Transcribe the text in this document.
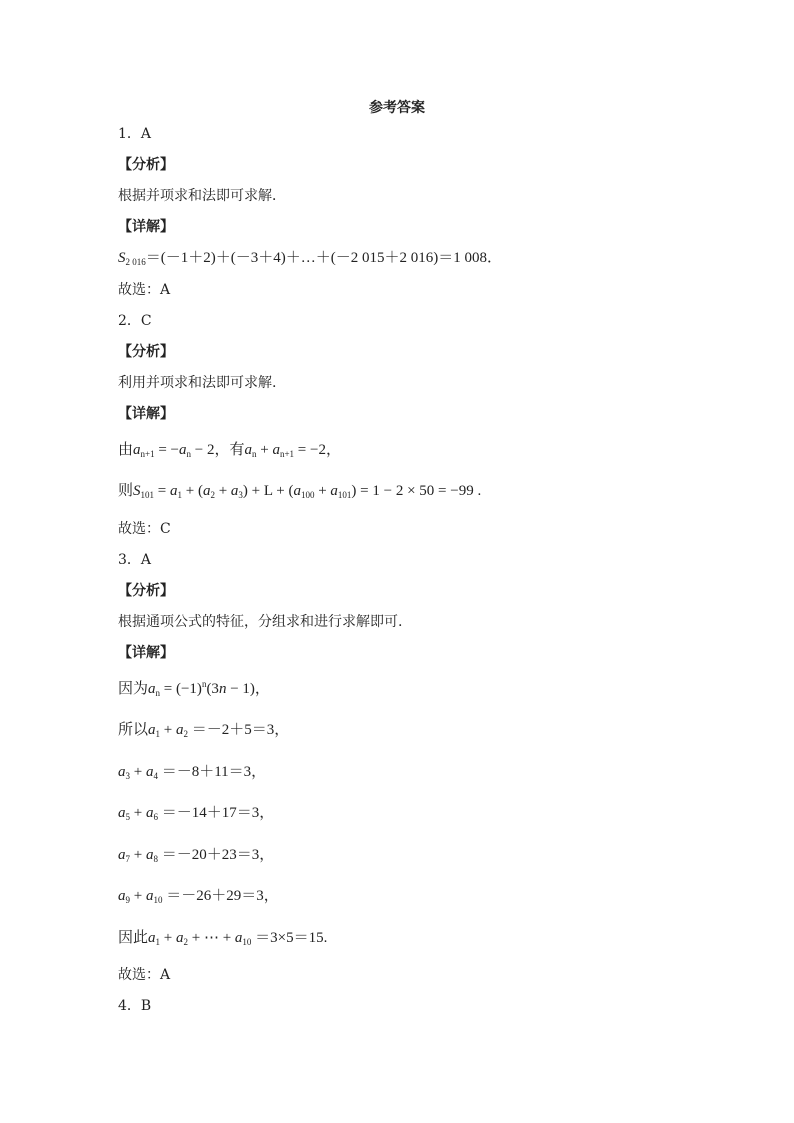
参考答案
1．A
【分析】
根据并项求和法即可求解．
【详解】
$S_{2 016}=(-1+2)+(-3+4)+\dots+(-2$ 015＋2 016)＝1 008．
故选：A
2．C
【分析】
利用并项求和法即可求解.
【详解】
由$a_{n+1} = -a_n - 2$，有$a_n + a_{n+1} = -2$，
则$S_{101} = a_1 + (a_2 + a_3) + L + (a_{100} + a_{101}) = 1 - 2 \times 50 = -99$ .
故选：C
3．A
【分析】
根据通项公式的特征，分组求和进行求解即可.
【详解】
因为$a_n = (-1)^n(3n - 1)$，
所以$a_1 + a_2 =-2+5=3$，
$a_3 + a_4 =-8+11=3$，
$a_5 + a_6 =-14+17=3$，
$a_7 + a_8 =-20+23=3$，
$a_9 + a_{10} =-26+29=3$，
因此$a_1 + a_2$ + ⋯ + $a_{10} =3\times 5=15$.
故选：A
4．B
